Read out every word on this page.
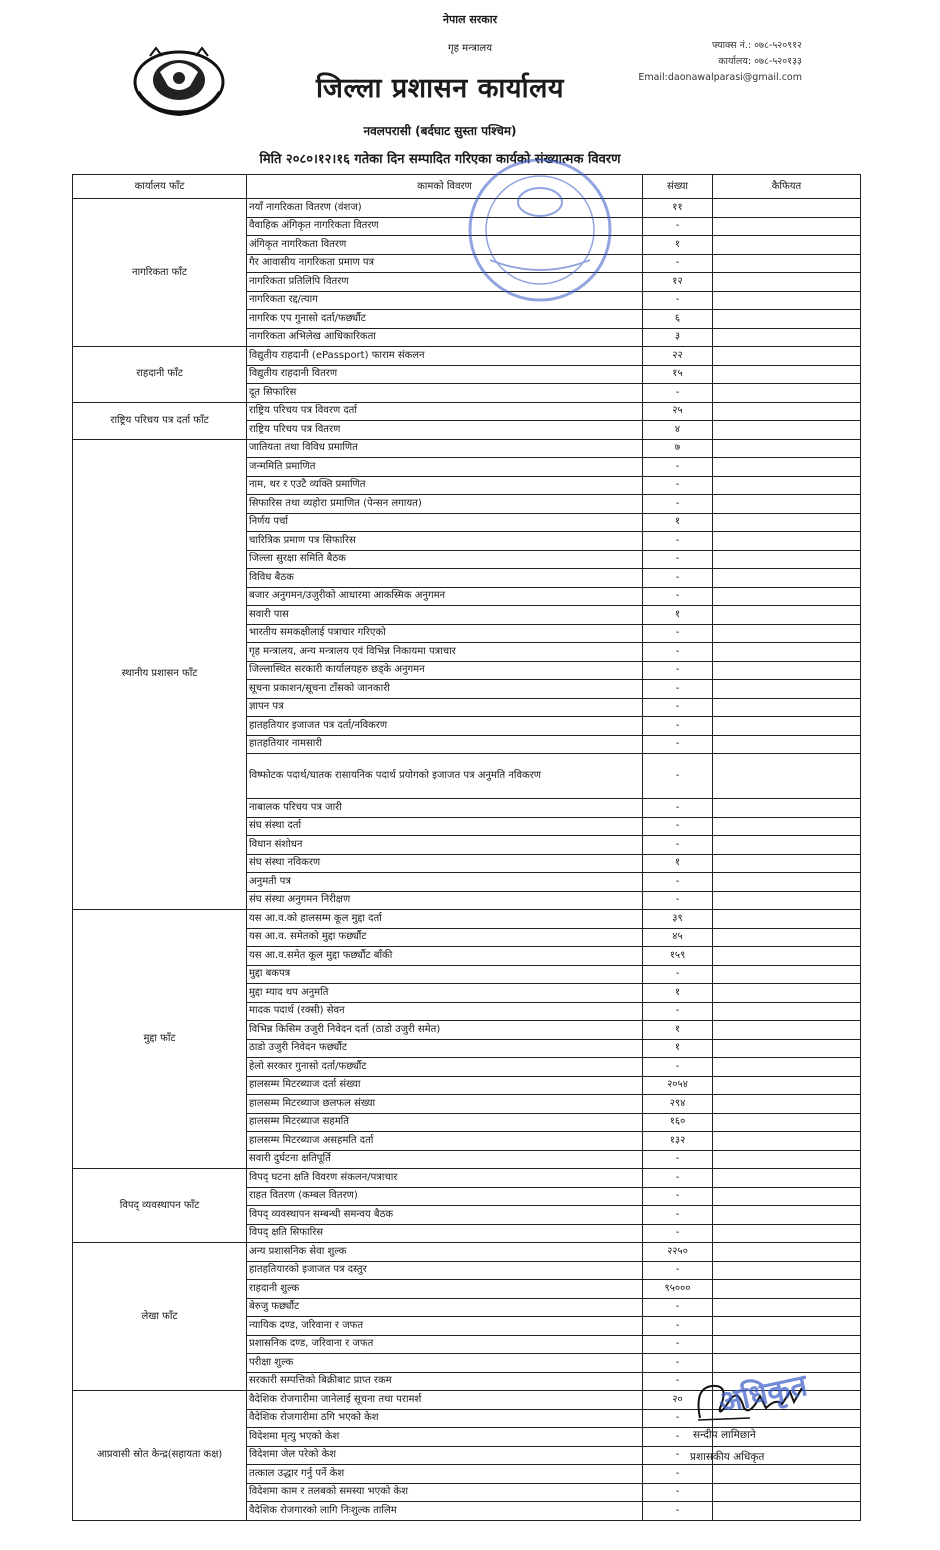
नेपाल सरकार
गृह मन्त्रालय
जिल्ला प्रशासन कार्यालय
फ्याक्स नं.: ०७८-५२०९१२
कार्यालय: ०७८-५२०१३३
Email:daonawalparasi@gmail.com
नवलपरासी (बर्दघाट सुस्ता पश्चिम)
मिति २०८०।१२।१६ गतेका दिन सम्पादित गरिएका कार्यको संख्यात्मक विवरण
कार्यालय फाँट	कामको विवरण	संख्या	कैफियत
नागरिकता फाँट	नयाँ नागरिकता वितरण (वंशज)	११	
	वैवाहिक अंगिकृत नागरिकता वितरण	-	
	अंगिकृत नागरिकता वितरण	१	
	गैर आवासीय नागरिकता प्रमाण पत्र	-	
	नागरिकता प्रतिलिपि वितरण	१२	
	नागरिकता रद्द/त्याग	-	
	नागरिक एप गुनासो दर्ता/फर्छ्यौट	६	
	नागरिकता अभिलेख आधिकारिकता	३	
राहदानी फाँट	विद्युतीय राहदानी (ePassport) फाराम संकलन	२२	
	विद्युतीय राहदानी वितरण	१५	
	दूत सिफारिस	-	
राष्ट्रिय परिचय पत्र दर्ता फाँट	राष्ट्रिय परिचय पत्र विवरण दर्ता	२५	
	राष्ट्रिय परिचय पत्र वितरण	४	
स्थानीय प्रशासन फाँट	जातियता तथा विविध प्रमाणित	७	
	जन्ममिति प्रमाणित	-	
	नाम, थर र एउटै व्यक्ति प्रमाणित	-	
	सिफारिस तथा व्यहोरा प्रमाणित (पेन्सन लगायत)	-	
	निर्णय पर्चा	१	
	चारित्रिक प्रमाण पत्र सिफारिस	-	
	जिल्ला सुरक्षा समिति बैठक	-	
	विविध बैठक	-	
	बजार अनुगमन/उजुरीको आधारमा आकस्मिक अनुगमन	-	
	सवारी पास	१	
	भारतीय समकक्षीलाई पत्राचार गरिएको	-	
	गृह मन्त्रालय, अन्य मन्त्रालय एवं विभिन्न निकायमा पत्राचार	-	
	जिल्लास्थित सरकारी कार्यालयहरु छड्के अनुगमन	-	
	सूचना प्रकाशन/सूचना टाँसको जानकारी	-	
	ज्ञापन पत्र	-	
	हातहतियार इजाजत पत्र दर्ता/नविकरण	-	
	हातहतियार नामसारी	-	
	विष्फोटक पदार्थ/घातक रासायनिक पदार्थ प्रयोगको इजाजत पत्र अनुमति नविकरण	-	
	नाबालक परिचय पत्र जारी	-	
	संघ संस्था दर्ता	-	
	विधान संशोधन	-	
	संघ संस्था नविकरण	१	
	अनुमती पत्र	-	
	संघ संस्था अनुगमन निरीक्षण	-	
मुद्दा फाँट	यस आ.व.को हालसम्म कूल मुद्दा दर्ता	३९	
	यस आ.व. समेतको मुद्दा फर्छ्यौट	४५	
	यस आ.व.समेत कूल मुद्दा फर्छ्यौट बाँकी	१५९	
	मुद्दा बकपत्र	-	
	मुद्दा म्याद थप अनुमति	१	
	मादक पदार्थ (रक्सी) सेवन	-	
	विभिन्न किसिम उजुरी निवेदन दर्ता (ठाडो उजुरी समेत)	१	
	ठाडो उजुरी निवेदन फर्छ्यौट	१	
	हेलो सरकार गुनासो दर्ता/फर्छ्यौट	-	
	हालसम्म मिटरब्याज दर्ता संख्या	२०५४	
	हालसम्म मिटरब्याज छलफल संख्या	२९४	
	हालसम्म मिटरब्याज सहमति	१६०	
	हालसम्म मिटरब्याज असहमति दर्ता	१३२	
	सवारी दुर्घटना क्षतिपूर्ति	-	
विपद् व्यवस्थापन फाँट	विपद् घटना क्षति विवरण संकलन/पत्राचार	-	
	राहत वितरण (कम्बल वितरण)	-	
	विपद् व्यवस्थापन सम्बन्धी समन्वय बैठक	-	
	विपद् क्षति सिफारिस	-	
लेखा फाँट	अन्य प्रशासनिक सेवा शुल्क	२२५०	
	हातहतियारको इजाजत पत्र दस्तुर	-	
	राहदानी शुल्क	९५०००	
	बेरुजु फर्छ्यौट	-	
	न्यायिक दण्ड, जरिवाना र जफत	-	
	प्रशासनिक दण्ड, जरिवाना र जफत	-	
	परीक्षा शुल्क	-	
	सरकारी सम्पत्तिको बिक्रीबाट प्राप्त रकम	-	
आप्रवासी स्रोत केन्द्र(सहायता कक्ष)	वैदेशिक रोजगारीमा जानेलाई सूचना तथा परामर्श	२०	
	वैदेशिक रोजगारीमा ठगि भएको केश	-	
	विदेशमा मृत्यु भएको केश	-	
	विदेशमा जेल परेको केश	-	
	तत्काल उद्धार गर्नु पर्ने केश	-	
	विदेशमा काम र तलबको समस्या भएको केश	-	
	वैदेशिक रोजगारको लागि निःशुल्क तालिम	-	
अधिकृत
सन्दीप लामिछाने
प्रशासकीय अधिकृत
